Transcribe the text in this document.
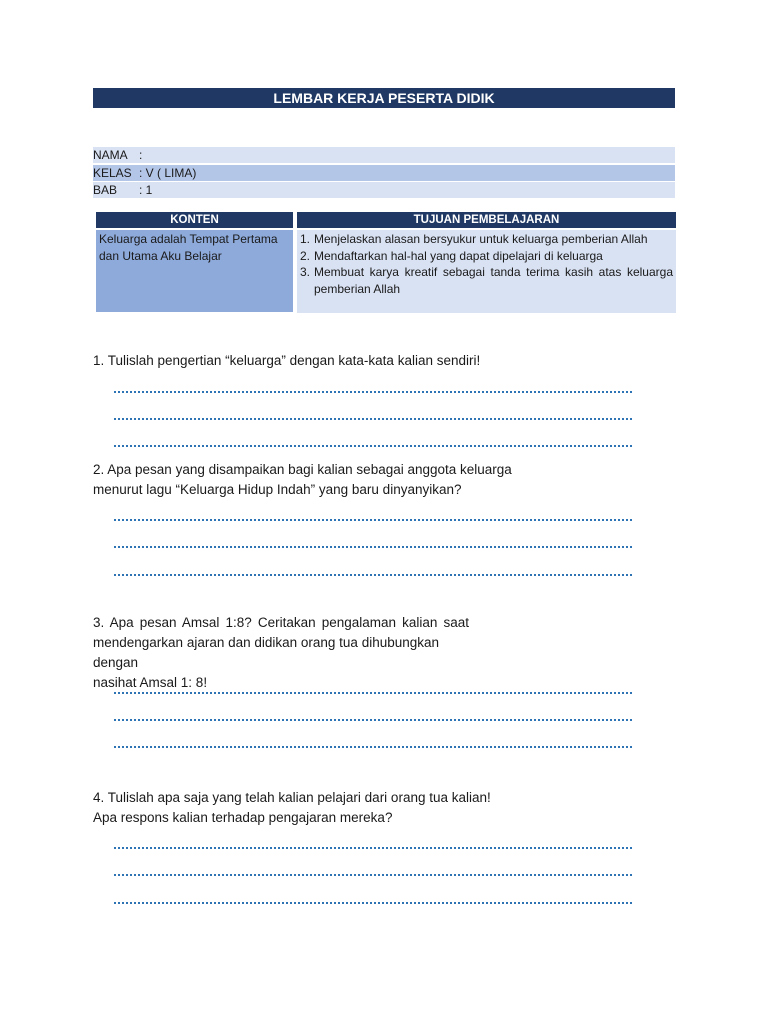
LEMBAR KERJA PESERTA DIDIK
NAMA :
KELAS : V ( LIMA)
BAB : 1
KONTEN	TUJUAN PEMBELAJARAN
Keluarga adalah Tempat Pertama dan Utama Aku Belajar
1. Menjelaskan alasan bersyukur untuk keluarga pemberian Allah
2. Mendaftarkan hal-hal yang dapat dipelajari di keluarga
3. Membuat karya kreatif sebagai tanda terima kasih atas keluarga pemberian Allah
1. Tulislah pengertian “keluarga” dengan kata-kata kalian sendiri!
2. Apa pesan yang disampaikan bagi kalian sebagai anggota keluarga
menurut lagu “Keluarga Hidup Indah” yang baru dinyanyikan?
3. Apa pesan Amsal 1:8? Ceritakan pengalaman kalian saat
mendengarkan ajaran dan didikan orang tua dihubungkan dengan
nasihat Amsal 1: 8!
4. Tulislah apa saja yang telah kalian pelajari dari orang tua kalian!
Apa respons kalian terhadap pengajaran mereka?
